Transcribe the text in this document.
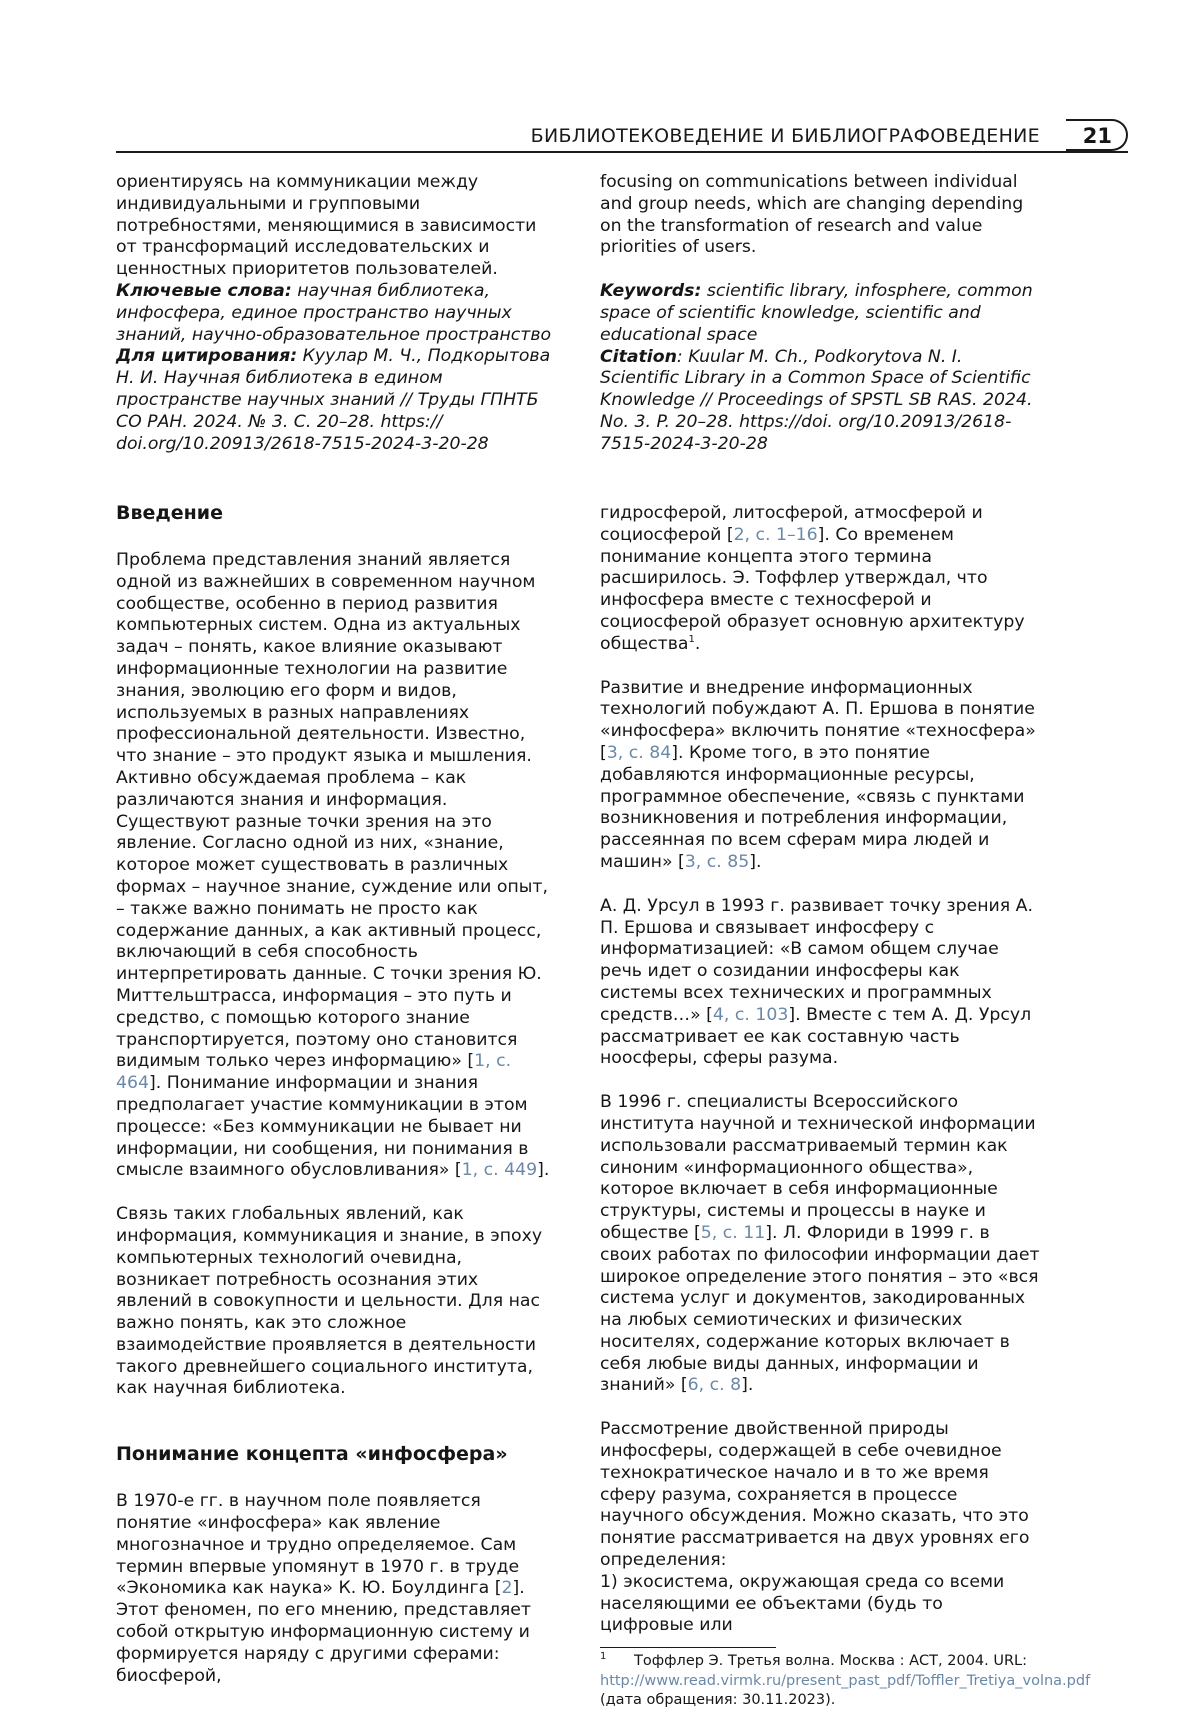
БИБЛИОТЕКОВЕДЕНИЕ И БИБЛИОГРАФОВЕДЕНИЕ 21

ориентируясь на коммуникации между индивидуальными и групповыми потребностями, меняющимися в зависимости от трансформаций исследовательских и ценностных приоритетов пользователей.

Ключевые слова: научная библиотека, инфосфера, единое пространство научных знаний, научно-образовательное пространство

Для цитирования: Куулар М. Ч., Подкорытова Н. И. Научная библиотека в едином пространстве научных знаний // Труды ГПНТБ СО РАН. 2024. № 3. С. 20–28. https:// doi.org/10.20913/2618-7515-2024-3-20-28

focusing on communications between individual and group needs, which are changing depending on the transformation of research and value priorities of users.

Keywords: scientific library, infosphere, common space of scientific knowledge, scientific and educational space

Citation: Kuular M. Ch., Podkorytova N. I. Scientific Library in a Common Space of Scientific Knowledge // Proceedings of SPSTL SB RAS. 2024. No. 3. P. 20–28. https://doi. org/10.20913/2618-7515-2024-3-20-28

Введение

Проблема представления знаний является одной из важнейших в современном научном сообществе, особенно в период развития компьютерных систем. Одна из актуальных задач – понять, какое влияние оказывают информационные технологии на развитие знания, эволюцию его форм и видов, используемых в разных направлениях профессиональной деятельности. Известно, что знание – это продукт языка и мышления. Активно обсуждаемая проблема – как различаются знания и информация. Существуют разные точки зрения на это явление. Согласно одной из них, «знание, которое может существовать в различных формах – научное знание, суждение или опыт, – также важно понимать не просто как содержание данных, а как активный процесс, включающий в себя способность интерпретировать данные. С точки зрения Ю. Миттельштрасса, информация – это путь и средство, с помощью которого знание транспортируется, поэтому оно становится видимым только через информацию» [1, с. 464]. Понимание информации и знания предполагает участие коммуникации в этом процессе: «Без коммуникации не бывает ни информации, ни сообщения, ни понимания в смысле взаимного обусловливания» [1, с. 449].

Связь таких глобальных явлений, как информация, коммуникация и знание, в эпоху компьютерных технологий очевидна, возникает потребность осознания этих явлений в совокупности и цельности. Для нас важно понять, как это сложное взаимодействие проявляется в деятельности такого древнейшего социального института, как научная библиотека.

Понимание концепта «инфосфера»

В 1970-е гг. в научном поле появляется понятие «инфосфера» как явление многозначное и трудно определяемое. Сам термин впервые упомянут в 1970 г. в труде «Экономика как наука» К. Ю. Боулдинга [2]. Этот феномен, по его мнению, представляет собой открытую информационную систему и формируется наряду с другими сферами: биосферой,

гидросферой, литосферой, атмосферой и социосферой [2, с. 1–16]. Со временем понимание концепта этого термина расширилось. Э. Тоффлер утверждал, что инфосфера вместе с техносферой и социосферой образует основную архитектуру общества1.

Развитие и внедрение информационных технологий побуждают А. П. Ершова в понятие «инфосфера» включить понятие «техносфера» [3, с. 84]. Кроме того, в это понятие добавляются информационные ресурсы, программное обеспечение, «связь с пунктами возникновения и потребления информации, рассеянная по всем сферам мира людей и машин» [3, с. 85].

А. Д. Урсул в 1993 г. развивает точку зрения А. П. Ершова и связывает инфосферу с информатизацией: «В самом общем случае речь идет о созидании инфосферы как системы всех технических и программных средств…» [4, с. 103]. Вместе с тем А. Д. Урсул рассматривает ее как составную часть ноосферы, сферы разума.

В 1996 г. специалисты Всероссийского института научной и технической информации использовали рассматриваемый термин как синоним «информационного общества», которое включает в себя информационные структуры, системы и процессы в науке и обществе [5, с. 11]. Л. Флориди в 1999 г. в своих работах по философии информации дает широкое определение этого понятия – это «вся система услуг и документов, закодированных на любых семиотических и физических носителях, содержание которых включает в себя любые виды данных, информации и знаний» [6, с. 8].

Рассмотрение двойственной природы инфосферы, содержащей в себе очевидное технократическое начало и в то же время сферу разума, сохраняется в процессе научного обсуждения. Можно сказать, что это понятие рассматривается на двух уровнях его определения:

1) экосистема, окружающая среда со всеми населяющими ее объектами (будь то цифровые или

1 Тоффлер Э. Третья волна. Москва : АСТ, 2004. URL: http://www.read.virmk.ru/present_past_pdf/Toffler_Tretiya_volna.pdf (дата обращения: 30.11.2023).
